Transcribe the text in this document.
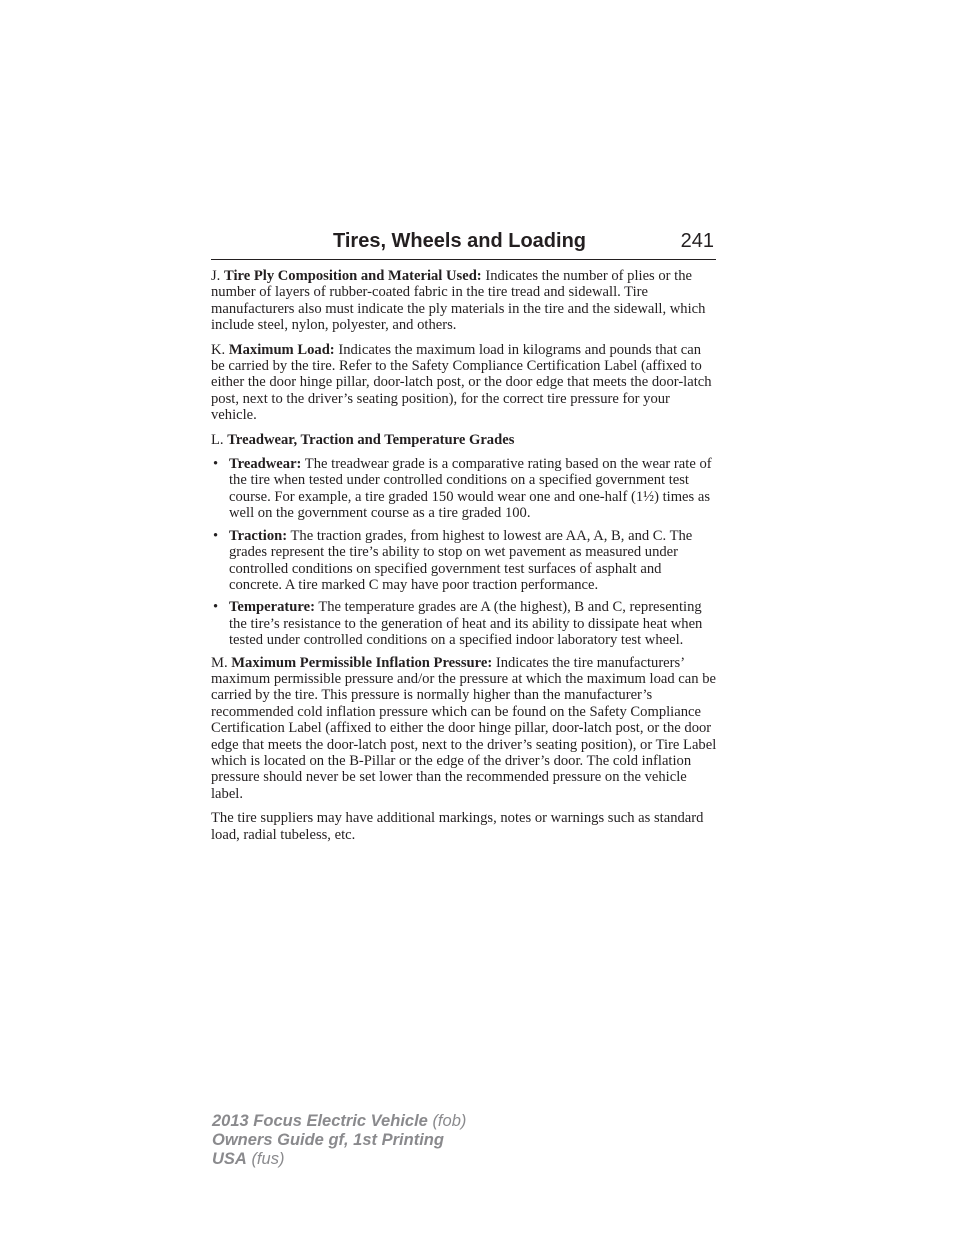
Tires, Wheels and Loading	241

J. Tire Ply Composition and Material Used: Indicates the number of plies or the number of layers of rubber-coated fabric in the tire tread and sidewall. Tire manufacturers also must indicate the ply materials in the tire and the sidewall, which include steel, nylon, polyester, and others.

K. Maximum Load: Indicates the maximum load in kilograms and pounds that can be carried by the tire. Refer to the Safety Compliance Certification Label (affixed to either the door hinge pillar, door-latch post, or the door edge that meets the door-latch post, next to the driver’s seating position), for the correct tire pressure for your vehicle.

L. Treadwear, Traction and Temperature Grades

• Treadwear: The treadwear grade is a comparative rating based on the wear rate of the tire when tested under controlled conditions on a specified government test course. For example, a tire graded 150 would wear one and one-half (1½) times as well on the government course as a tire graded 100.
• Traction: The traction grades, from highest to lowest are AA, A, B, and C. The grades represent the tire’s ability to stop on wet pavement as measured under controlled conditions on specified government test surfaces of asphalt and concrete. A tire marked C may have poor traction performance.
• Temperature: The temperature grades are A (the highest), B and C, representing the tire’s resistance to the generation of heat and its ability to dissipate heat when tested under controlled conditions on a specified indoor laboratory test wheel.

M. Maximum Permissible Inflation Pressure: Indicates the tire manufacturers’ maximum permissible pressure and/or the pressure at which the maximum load can be carried by the tire. This pressure is normally higher than the manufacturer’s recommended cold inflation pressure which can be found on the Safety Compliance Certification Label (affixed to either the door hinge pillar, door-latch post, or the door edge that meets the door-latch post, next to the driver’s seating position), or Tire Label which is located on the B-Pillar or the edge of the driver’s door. The cold inflation pressure should never be set lower than the recommended pressure on the vehicle label.

The tire suppliers may have additional markings, notes or warnings such as standard load, radial tubeless, etc.

2013 Focus Electric Vehicle (fob)
Owners Guide gf, 1st Printing
USA (fus)
